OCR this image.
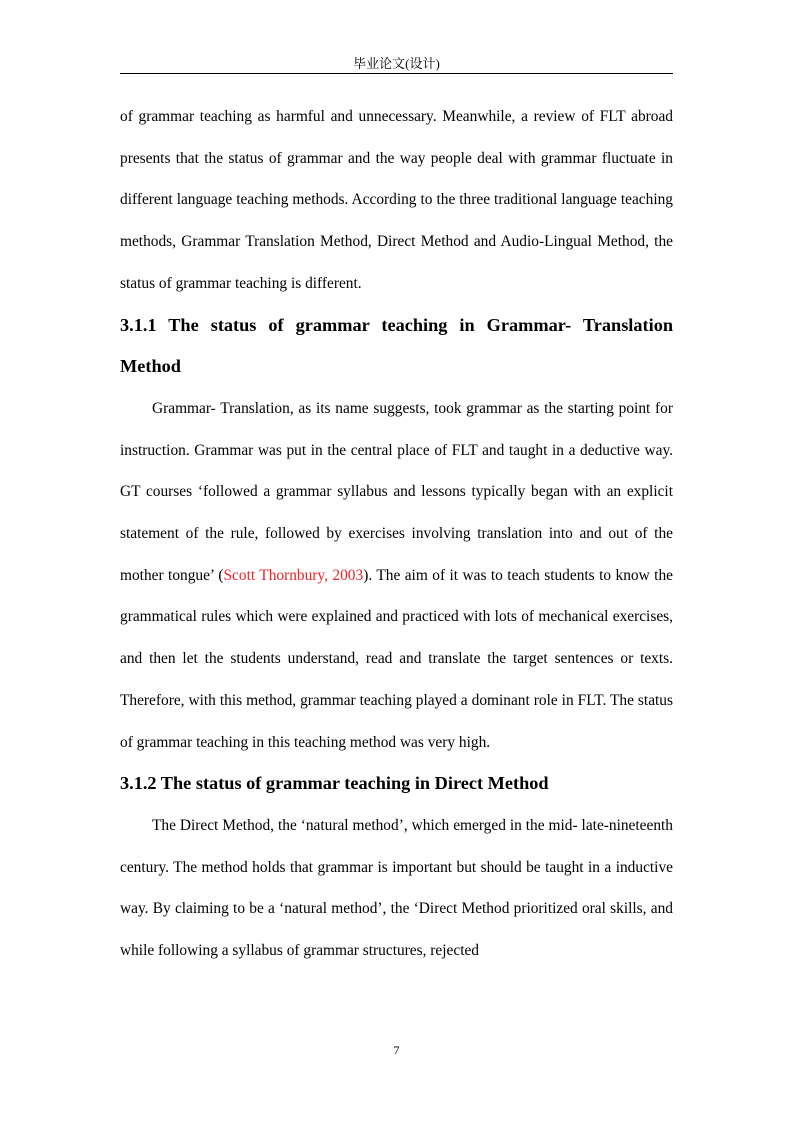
毕业论文(设计)

of grammar teaching as harmful and unnecessary. Meanwhile, a review of FLT abroad presents that the status of grammar and the way people deal with grammar fluctuate in different language teaching methods. According to the three traditional language teaching methods, Grammar Translation Method, Direct Method and Audio-Lingual Method, the status of grammar teaching is different.

3.1.1 The status of grammar teaching in Grammar- Translation Method

Grammar- Translation, as its name suggests, took grammar as the starting point for instruction. Grammar was put in the central place of FLT and taught in a deductive way. GT courses ‘followed a grammar syllabus and lessons typically began with an explicit statement of the rule, followed by exercises involving translation into and out of the mother tongue’ (Scott Thornbury, 2003). The aim of it was to teach students to know the grammatical rules which were explained and practiced with lots of mechanical exercises, and then let the students understand, read and translate the target sentences or texts. Therefore, with this method, grammar teaching played a dominant role in FLT. The status of grammar teaching in this teaching method was very high.

3.1.2 The status of grammar teaching in Direct Method

The Direct Method, the ‘natural method’, which emerged in the mid- late-nineteenth century. The method holds that grammar is important but should be taught in a inductive way. By claiming to be a ‘natural method’, the ‘Direct Method prioritized oral skills, and while following a syllabus of grammar structures, rejected

7
